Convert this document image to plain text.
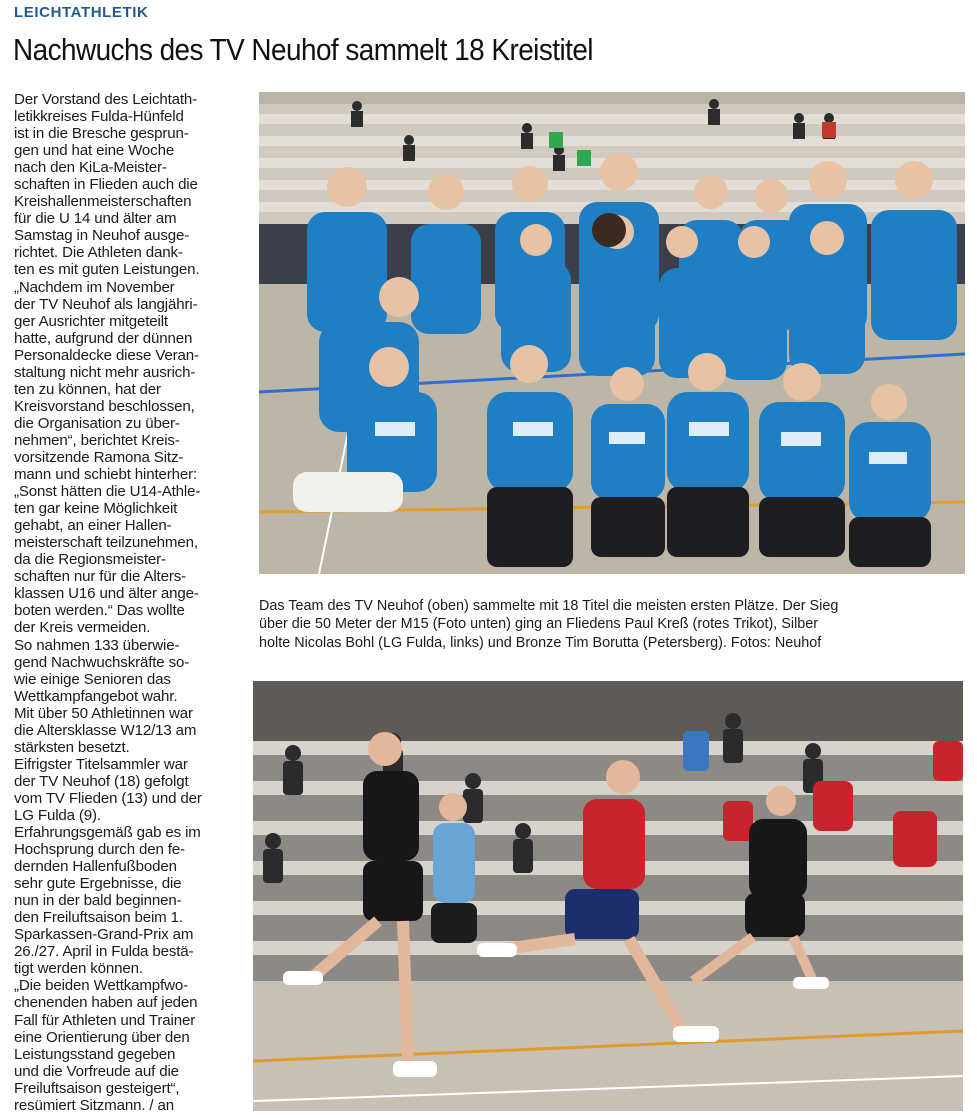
LEICHTATHLETIK
Nachwuchs des TV Neuhof sammelt 18 Kreistitel
Der Vorstand des Leichtath-
letikkreises Fulda-Hünfeld
ist in die Bresche gesprun-
gen und hat eine Woche
nach den KiLa-Meister-
schaften in Flieden auch die
Kreishallenmeisterschaften
für die U 14 und älter am
Samstag in Neuhof ausge-
richtet. Die Athleten dank-
ten es mit guten Leistungen.
„Nachdem im November
der TV Neuhof als langjähri-
ger Ausrichter mitgeteilt
hatte, aufgrund der dünnen
Personaldecke diese Veran-
staltung nicht mehr ausrich-
ten zu können, hat der
Kreisvorstand beschlossen,
die Organisation zu über-
nehmen“, berichtet Kreis-
vorsitzende Ramona Sitz-
mann und schiebt hinterher:
„Sonst hätten die U14-Athle-
ten gar keine Möglichkeit
gehabt, an einer Hallen-
meisterschaft teilzunehmen,
da die Regionsmeister-
schaften nur für die Alters-
klassen U16 und älter ange-
boten werden.“ Das wollte
der Kreis vermeiden.
So nahmen 133 überwie-
gend Nachwuchskräfte so-
wie einige Senioren das
Wettkampfangebot wahr.
Mit über 50 Athletinnen war
die Altersklasse W12/13 am
stärksten besetzt.
Eifrigster Titelsammler war
der TV Neuhof (18) gefolgt
vom TV Flieden (13) und der
LG Fulda (9).
Erfahrungsgemäß gab es im
Hochsprung durch den fe-
dernden Hallenfußboden
sehr gute Ergebnisse, die
nun in der bald beginnen-
den Freiluftsaison beim 1.
Sparkassen-Grand-Prix am
26./27. April in Fulda bestä-
tigt werden können.
„Die beiden Wettkampfwo-
chenenden haben auf jeden
Fall für Athleten und Trainer
eine Orientierung über den
Leistungsstand gegeben
und die Vorfreude auf die
Freiluftsaison gesteigert“,
resümiert Sitzmann. / an
Das Team des TV Neuhof (oben) sammelte mit 18 Titel die meisten ersten Plätze. Der Sieg
über die 50 Meter der M15 (Foto unten) ging an Fliedens Paul Kreß (rotes Trikot), Silber
holte Nicolas Bohl (LG Fulda, links) und Bronze Tim Borutta (Petersberg). Fotos: Neuhof
